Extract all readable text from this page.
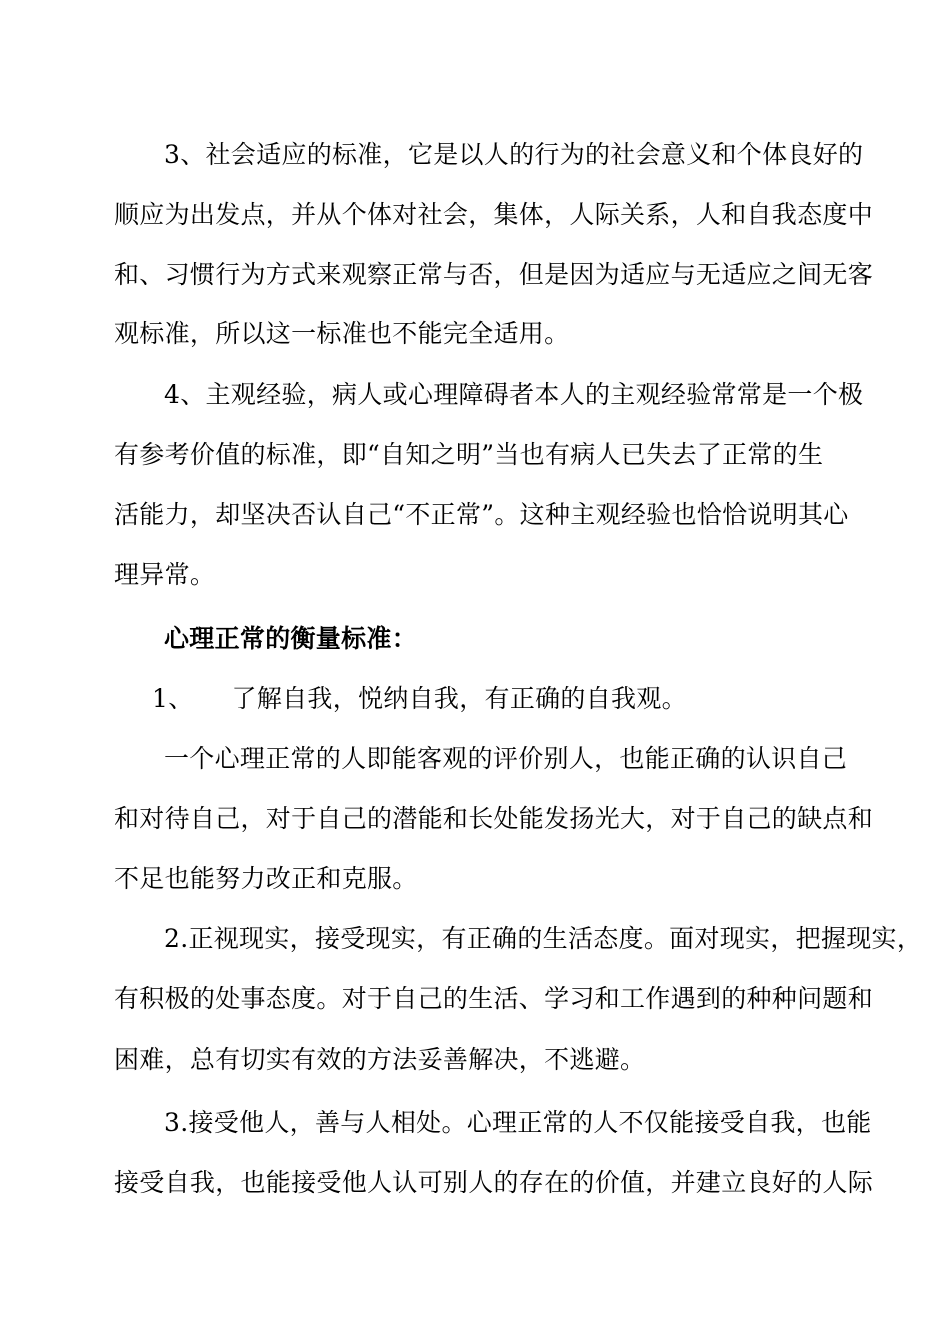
3、社会适应的标准，它是以人的行为的社会意义和个体良好的
顺应为出发点，并从个体对社会，集体，人际关系，人和自我态度中
和、习惯行为方式来观察正常与否，但是因为适应与无适应之间无客
观标准，所以这一标准也不能完全适用。
4、主观经验，病人或心理障碍者本人的主观经验常常是一个极
有参考价值的标准，即“自知之明”当也有病人已失去了正常的生
活能力，却坚决否认自己“不正常”。这种主观经验也恰恰说明其心
理异常。
心理正常的衡量标准：
1、 了解自我，悦纳自我，有正确的自我观。
一个心理正常的人即能客观的评价别人，也能正确的认识自己
和对待自己，对于自己的潜能和长处能发扬光大，对于自己的缺点和
不足也能努力改正和克服。
2.正视现实，接受现实，有正确的生活态度。面对现实，把握现实，
有积极的处事态度。对于自己的生活、学习和工作遇到的种种问题和
困难，总有切实有效的方法妥善解决，不逃避。
3.接受他人，善与人相处。心理正常的人不仅能接受自我，也能
接受自我，也能接受他人认可别人的存在的价值，并建立良好的人际
